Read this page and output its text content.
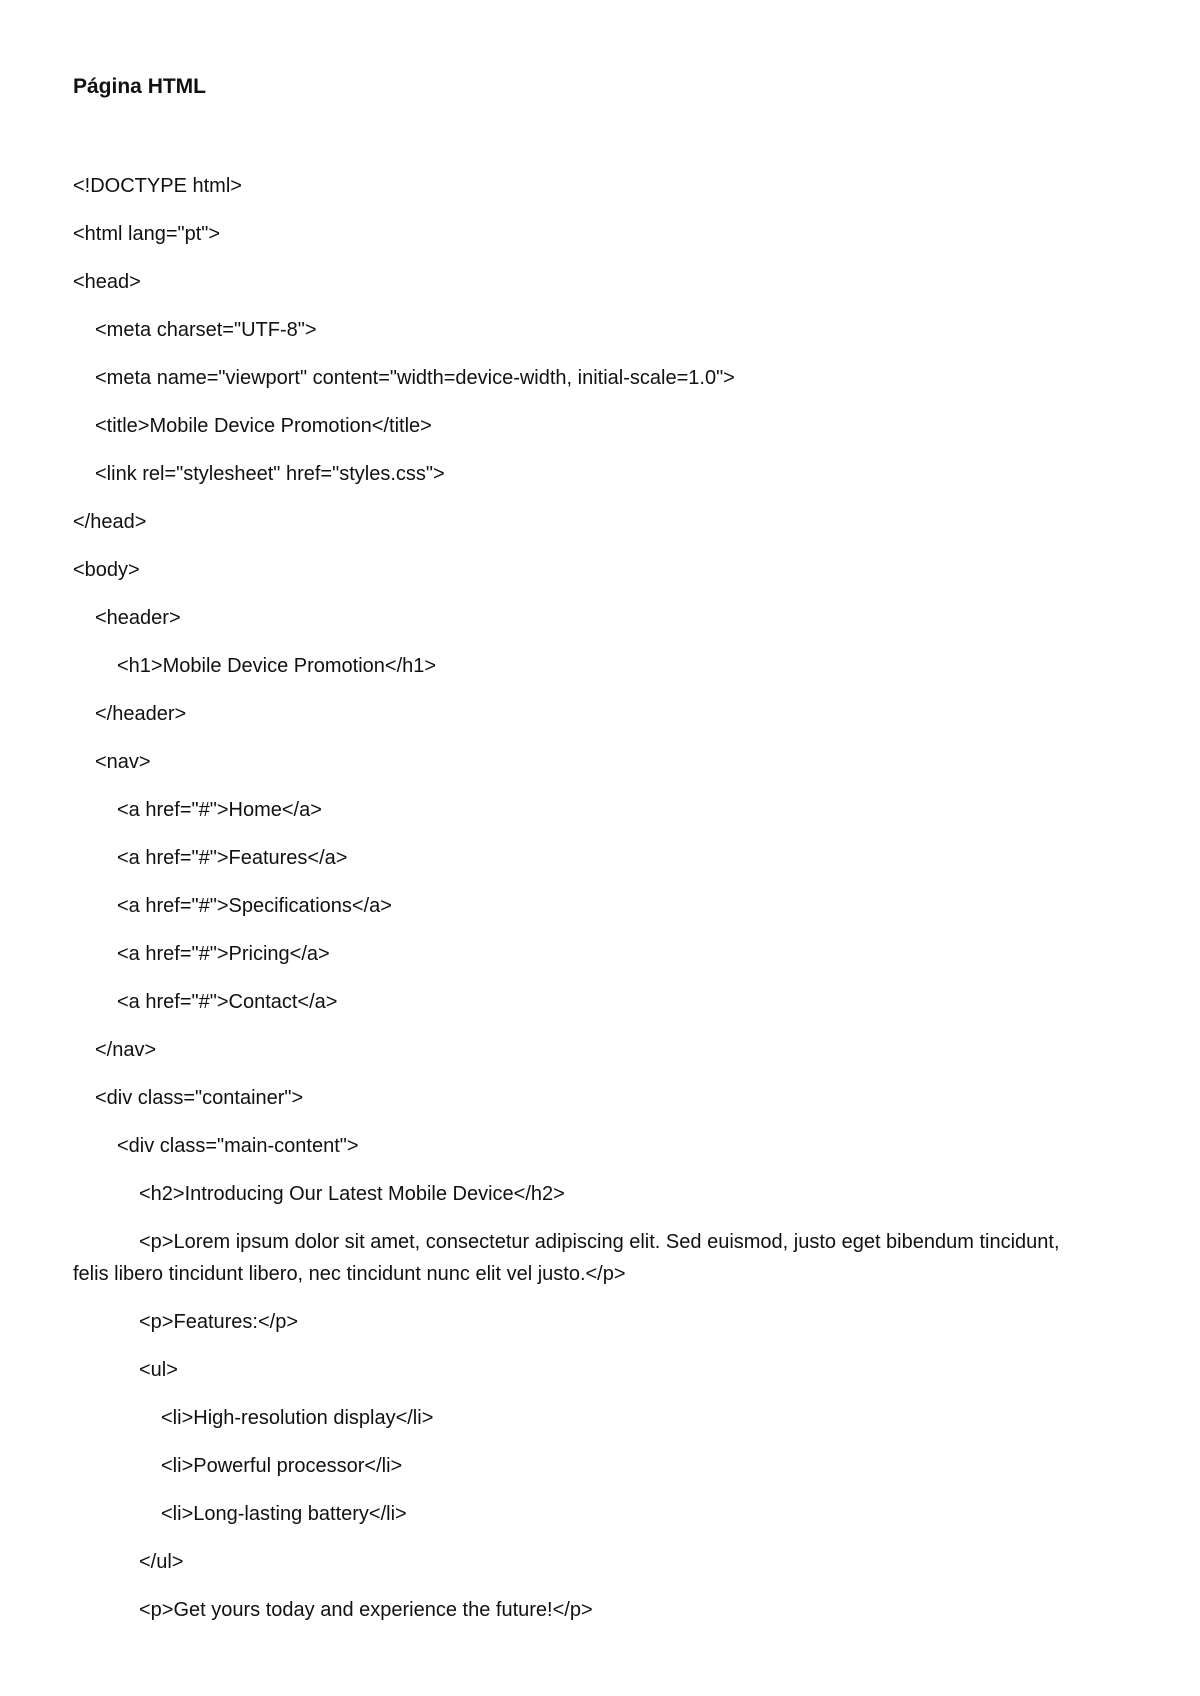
Página HTML
<!DOCTYPE html>
<html lang="pt">
<head>
<meta charset="UTF-8">
<meta name="viewport" content="width=device-width, initial-scale=1.0">
<title>Mobile Device Promotion</title>
<link rel="stylesheet" href="styles.css">
</head>
<body>
<header>
<h1>Mobile Device Promotion</h1>
</header>
<nav>
<a href="#">Home</a>
<a href="#">Features</a>
<a href="#">Specifications</a>
<a href="#">Pricing</a>
<a href="#">Contact</a>
</nav>
<div class="container">
<div class="main-content">
<h2>Introducing Our Latest Mobile Device</h2>
<p>Lorem ipsum dolor sit amet, consectetur adipiscing elit. Sed euismod, justo eget bibendum tincidunt, felis libero tincidunt libero, nec tincidunt nunc elit vel justo.</p>
<p>Features:</p>
<ul>
<li>High-resolution display</li>
<li>Powerful processor</li>
<li>Long-lasting battery</li>
</ul>
<p>Get yours today and experience the future!</p>
